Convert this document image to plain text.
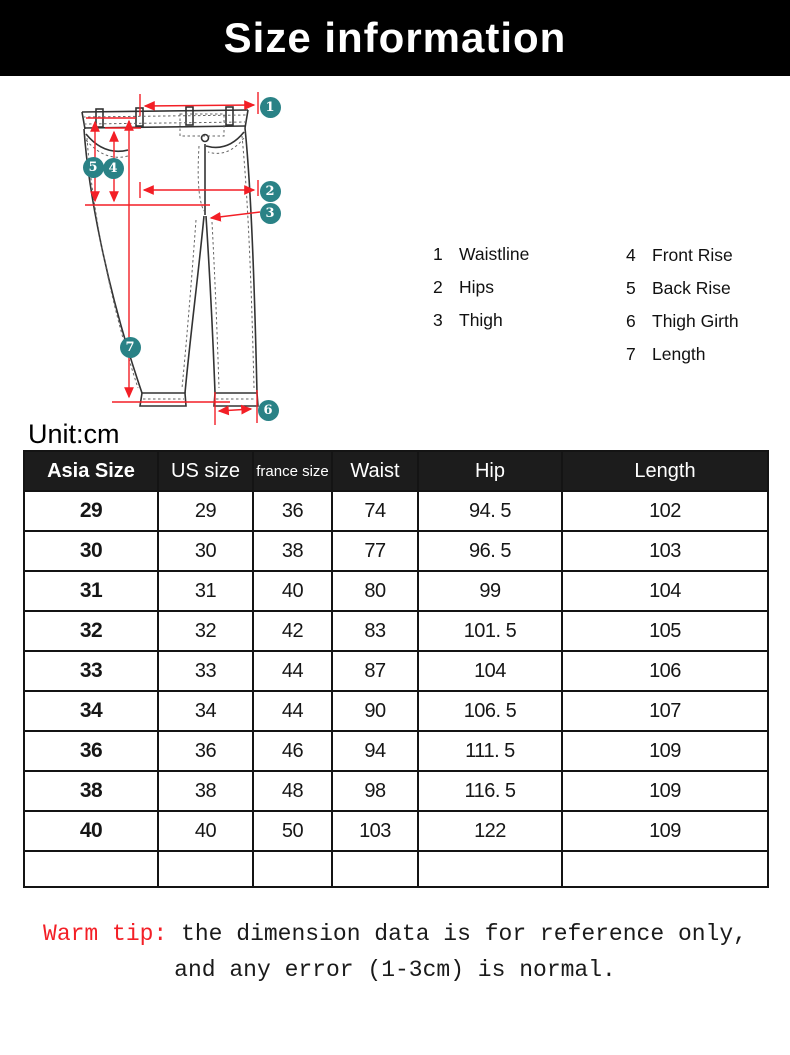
Size information
1
2
3
4
5
6
7
1 Waistline
2 Hips
3 Thigh
4 Front Rise
5 Back Rise
6 Thigh Girth
7 Length
Unit:cm
Asia Size	US size	france size	Waist	Hip	Length
29	29	36	74	94. 5	102
30	30	38	77	96. 5	103
31	31	40	80	99	104
32	32	42	83	101. 5	105
33	33	44	87	104	106
34	34	44	90	106. 5	107
36	36	46	94	111. 5	109
38	38	48	98	116. 5	109
40	40	50	103	122	109

Warm tip: the dimension data is for reference only,
and any error (1-3cm) is normal.
